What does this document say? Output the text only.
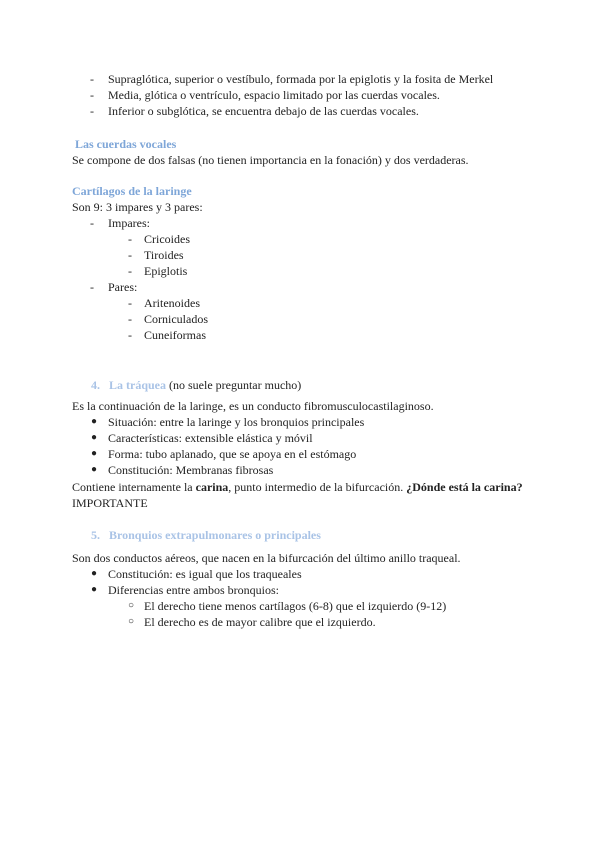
- Supraglótica, superior o vestíbulo, formada por la epiglotis y la fosita de Merkel
- Media, glótica o ventrículo, espacio limitado por las cuerdas vocales.
- Inferior o subglótica, se encuentra debajo de las cuerdas vocales.
Las cuerdas vocales
Se compone de dos falsas (no tienen importancia en la fonación) y dos verdaderas.
Cartílagos de la laringe
Son 9: 3 impares y 3 pares:
- Impares:
- Cricoides
- Tiroides
- Epiglotis
- Pares:
- Aritenoides
- Corniculados
- Cuneiformas
4. La tráquea (no suele preguntar mucho)
Es la continuación de la laringe, es un conducto fibromusculocastilaginoso.
● Situación: entre la laringe y los bronquios principales
● Características: extensible elástica y móvil
● Forma: tubo aplanado, que se apoya en el estómago
● Constitución: Membranas fibrosas
Contiene internamente la carina, punto intermedio de la bifurcación. ¿Dónde está la carina?
IMPORTANTE
5. Bronquios extrapulmonares o principales
Son dos conductos aéreos, que nacen en la bifurcación del último anillo traqueal.
● Constitución: es igual que los traqueales
● Diferencias entre ambos bronquios:
○ El derecho tiene menos cartílagos (6-8) que el izquierdo (9-12)
○ El derecho es de mayor calibre que el izquierdo.
